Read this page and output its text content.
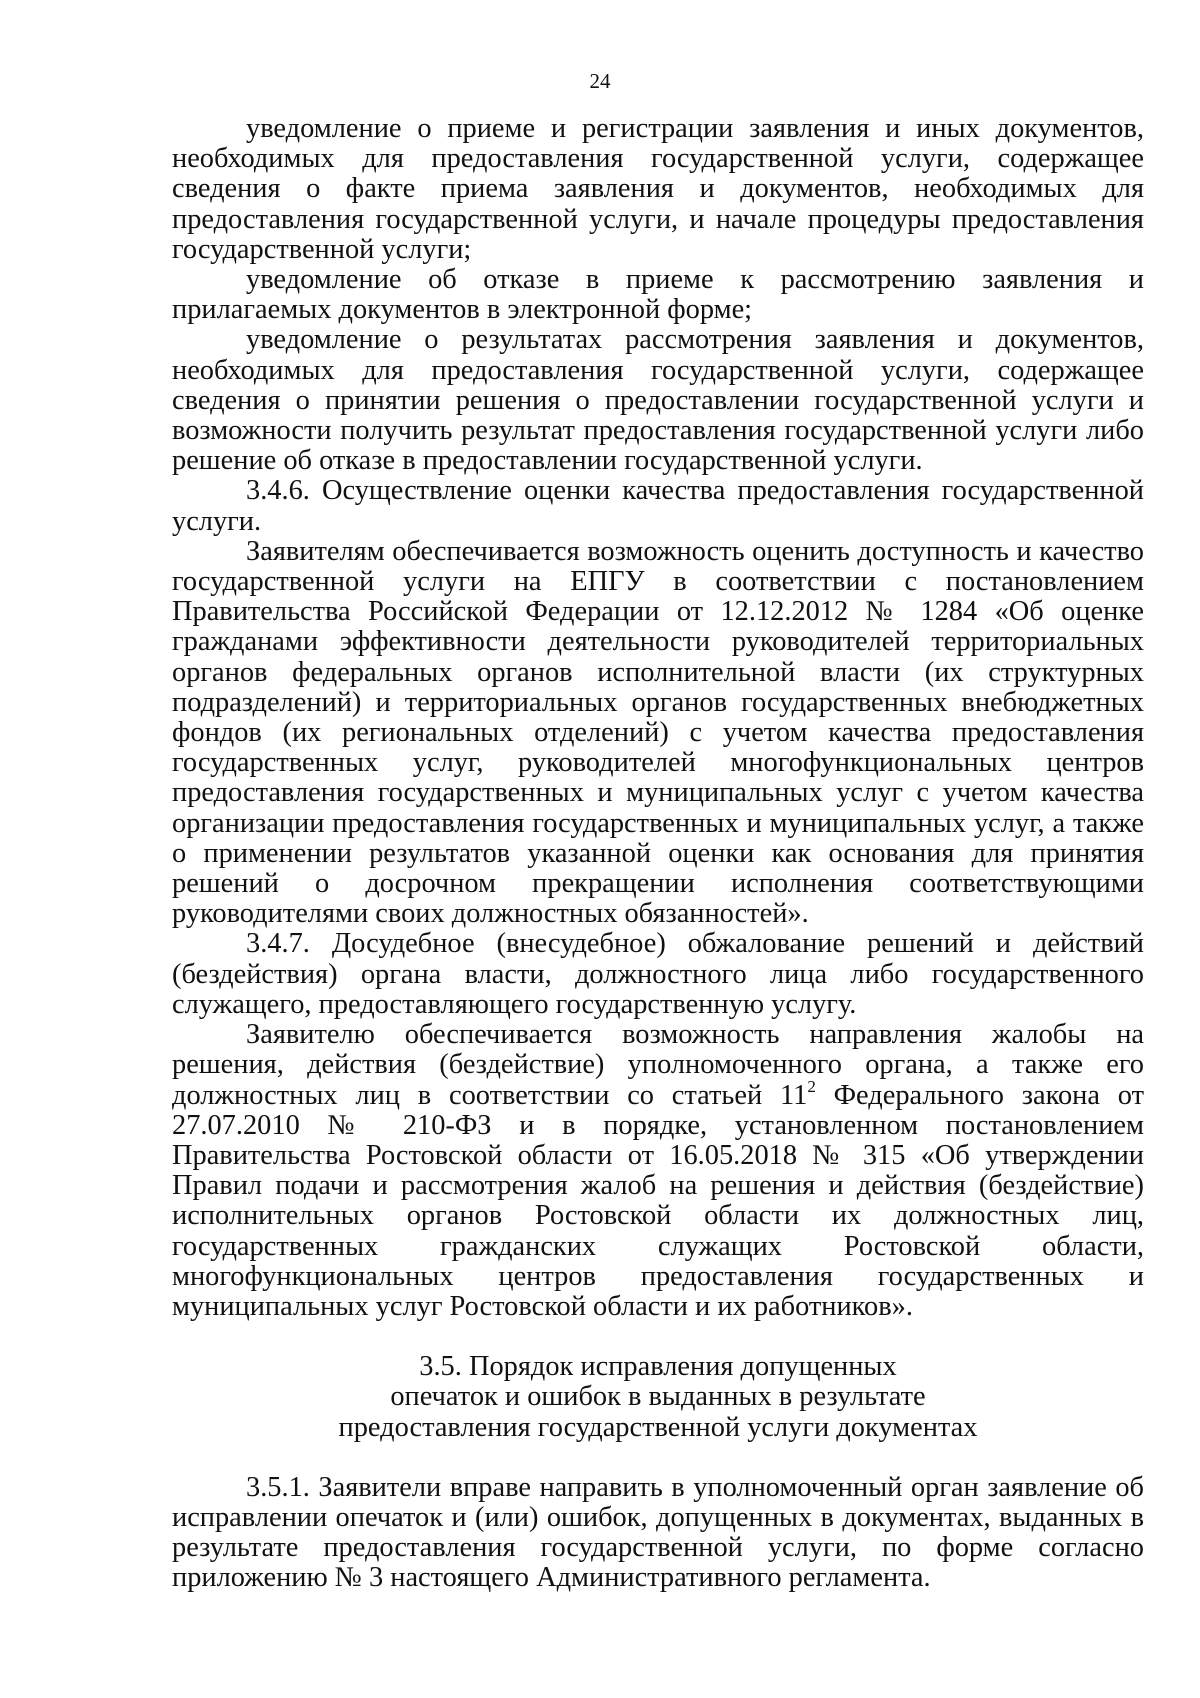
24

уведомление о приеме и регистрации заявления и иных документов, необходимых для предоставления государственной услуги, содержащее сведения о факте приема заявления и документов, необходимых для предоставления государственной услуги, и начале процедуры предоставления государственной услуги;

уведомление об отказе в приеме к рассмотрению заявления и прилагаемых документов в электронной форме;

уведомление о результатах рассмотрения заявления и документов, необходимых для предоставления государственной услуги, содержащее сведения о принятии решения о предоставлении государственной услуги и возможности получить результат предоставления государственной услуги либо решение об отказе в предоставлении государственной услуги.

3.4.6. Осуществление оценки качества предоставления государственной услуги.

Заявителям обеспечивается возможность оценить доступность и качество государственной услуги на ЕПГУ в соответствии с постановлением Правительства Российской Федерации от 12.12.2012 № 1284 «Об оценке гражданами эффективности деятельности руководителей территориальных органов федеральных органов исполнительной власти (их структурных подразделений) и территориальных органов государственных внебюджетных фондов (их региональных отделений) с учетом качества предоставления государственных услуг, руководителей многофункциональных центров предоставления государственных и муниципальных услуг с учетом качества организации предоставления государственных и муниципальных услуг, а также о применении результатов указанной оценки как основания для принятия решений о досрочном прекращении исполнения соответствующими руководителями своих должностных обязанностей».

3.4.7. Досудебное (внесудебное) обжалование решений и действий (бездействия) органа власти, должностного лица либо государственного служащего, предоставляющего государственную услугу.

Заявителю обеспечивается возможность направления жалобы на решения, действия (бездействие) уполномоченного органа, а также его должностных лиц в соответствии со статьей $11^2$ Федерального закона от 27.07.2010 № 210-ФЗ и в порядке, установленном постановлением Правительства Ростовской области от 16.05.2018 № 315 «Об утверждении Правил подачи и рассмотрения жалоб на решения и действия (бездействие) исполнительных органов Ростовской области их должностных лиц, государственных гражданских служащих Ростовской области, многофункциональных центров предоставления государственных и муниципальных услуг Ростовской области и их работников».

3.5. Порядок исправления допущенных
опечаток и ошибок в выданных в результате
предоставления государственной услуги документах

3.5.1. Заявители вправе направить в уполномоченный орган заявление об исправлении опечаток и (или) ошибок, допущенных в документах, выданных в результате предоставления государственной услуги, по форме согласно приложению № 3 настоящего Административного регламента.
